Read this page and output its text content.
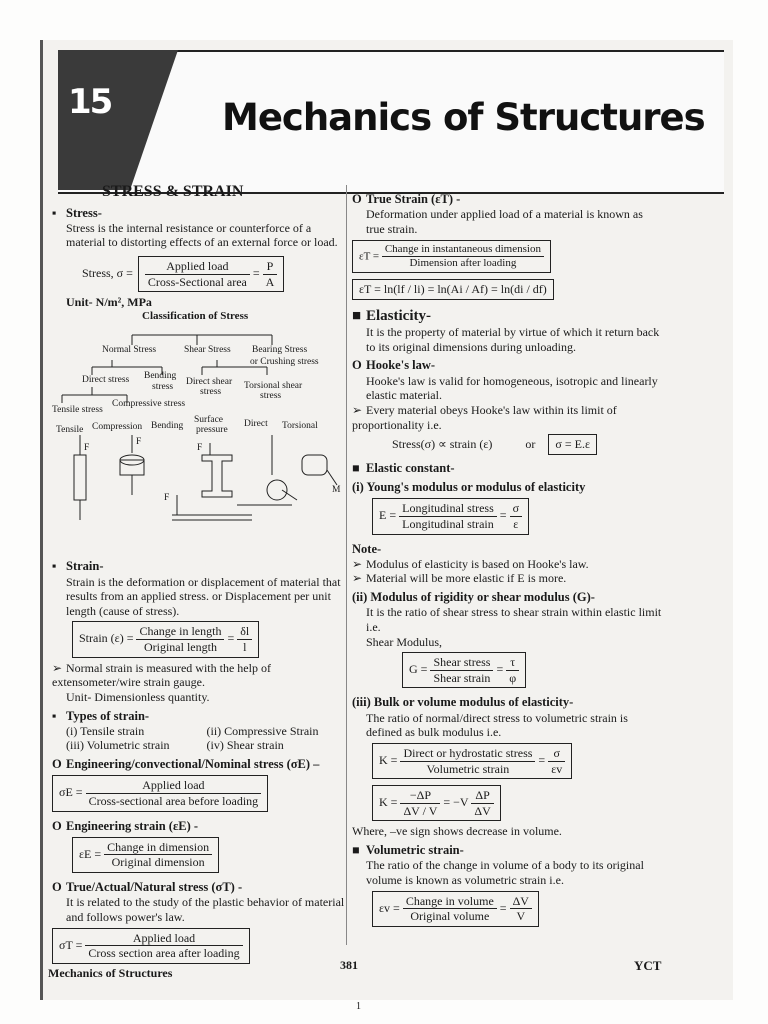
15	Mechanics of Structures
STRESS & STRAIN
▪ Stress-

Stress is the internal resistance or counterforce of a material to distorting effects of an external force or load.

Stress, $\sigma = \frac{\text{Applied load}}{\text{Cross-Sectional area}} = \frac{P}{A}$

Unit- N/m², MPa

Classification of Stress

Normal Stress	Shear Stress Bearing Stress
or Crushing stress
Direct stress Bending
stress Direct shear
stress
Torsional shear
stress
Tensile stress
Compressive stress
Tensile Compression Bending
Surface
pressure
Direct Torsional
F
F
F
F
M
▪ Strain-

Strain is the deformation or displacement of material that results from an applied stress. or Displacement per unit length (cause of stress).

Strain $(\varepsilon) = \frac{\text{Change in length}}{\text{Original length}} = \frac{\delta l}{l}$

➢ Normal strain is measured with the help of extensometer/wire strain gauge.

Unit- Dimensionless quantity.

▪ Types of strain-
(i) Tensile strain	(ii) Compressive Strain
(iii) Volumetric strain	(iv) Shear strain
O Engineering/convectional/Nominal stress (σE) –
$\sigma E = \frac{\text{Applied load}}{\text{Cross-sectional area before loading}}$
O Engineering strain (εE) -
$\varepsilon E = \frac{\text{Change in dimension}}{\text{Original dimension}}$
O True/Actual/Natural stress (σT) -

It is related to the study of the plastic behavior of material and follows power's law.

$\sigma T = \frac{\text{Applied load}}{\text{Cross section area after loading}}$
O True Strain (εT) -

Deformation under applied load of a material is known as true strain.

$\varepsilon T = \frac{\text{Change in instantaneous dimension}}{\text{Dimension after loading}}$
εT = ln(lf / li) = ln(Ai / Af) = ln(di / df)
■ Elasticity-

It is the property of material by virtue of which it return back to its original dimensions during unloading.

O Hooke's law-

Hooke's law is valid for homogeneous, isotropic and linearly elastic material.

➢ Every material obeys Hooke's law within its limit of proportionality i.e.

Stress(σ) ∝ strain (ε)	or σ = E.ε
■ Elastic constant-
(i) Young's modulus or modulus of elasticity
$E = \frac{\text{Longitudinal stress}}{\text{Longitudinal strain}} = \frac{\sigma}{\varepsilon}$
Note-

➢ Modulus of elasticity is based on Hooke's law.

➢ Material will be more elastic if E is more.

(ii) Modulus of rigidity or shear modulus (G)-

It is the ratio of shear stress to shear strain within elastic limit i.e.

Shear Modulus,

$G = \frac{\text{Shear stress}}{\text{Shear strain}} = \frac{\tau}{\varphi}$
(iii) Bulk or volume modulus of elasticity-

The ratio of normal/direct stress to volumetric strain is defined as bulk modulus i.e.

$K = \frac{\text{Direct or hydrostatic stress}}{\text{Volumetric strain}} = \frac{\sigma}{\varepsilon v}$
$K = \frac{-\Delta P}{\Delta V / V} = -V \frac{\Delta P}{\Delta V}$

Where, –ve sign shows decrease in volume.

■ Volumetric strain-

The ratio of the change in volume of a body to its original volume is known as volumetric strain i.e.

$\varepsilon v = \frac{\text{Change in volume}}{\text{Original volume}} = \frac{\Delta V}{V}$
Mechanics of Structures
381	YCT
1
